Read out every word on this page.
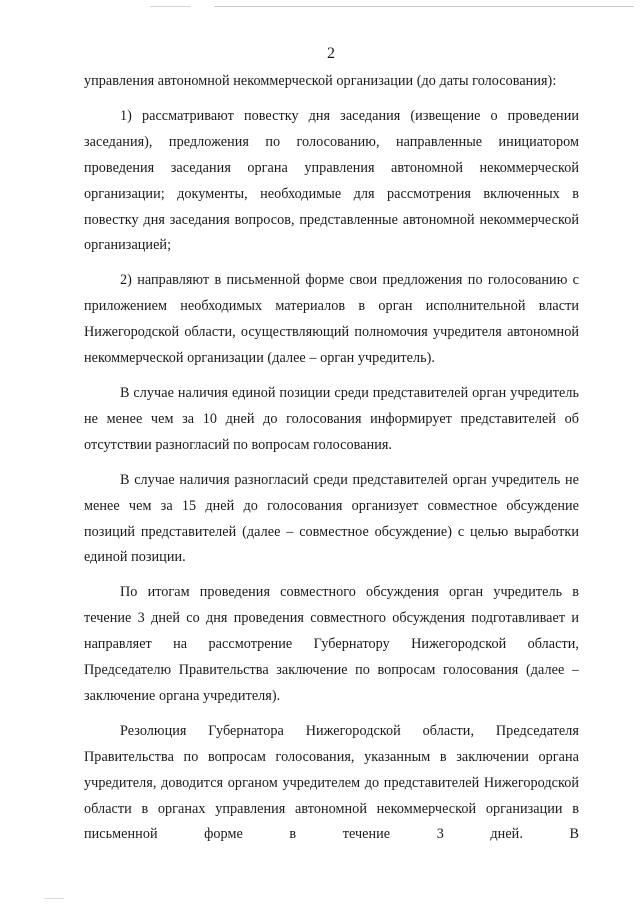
2

управления автономной некоммерческой организации (до даты голосования):

1) рассматривают повестку дня заседания (извещение о проведении заседания), предложения по голосованию, направленные инициатором проведения заседания органа управления автономной некоммерческой организации; документы, необходимые для рассмотрения включенных в повестку дня заседания вопросов, представленные автономной некоммерческой организацией;

2) направляют в письменной форме свои предложения по голосованию с приложением необходимых материалов в орган исполнительной власти Нижегородской области, осуществляющий полномочия учредителя автономной некоммерческой организации (далее – орган учредитель).

В случае наличия единой позиции среди представителей орган учредитель не менее чем за 10 дней до голосования информирует представителей об отсутствии разногласий по вопросам голосования.

В случае наличия разногласий среди представителей орган учредитель не менее чем за 15 дней до голосования организует совместное обсуждение позиций представителей (далее – совместное обсуждение) с целью выработки единой позиции.

По итогам проведения совместного обсуждения орган учредитель в течение 3 дней со дня проведения совместного обсуждения подготавливает и направляет на рассмотрение Губернатору Нижегородской области, Председателю Правительства заключение по вопросам голосования (далее – заключение органа учредителя).

Резолюция Губернатора Нижегородской области, Председателя Правительства по вопросам голосования, указанным в заключении органа учредителя, доводится органом учредителем до представителей Нижегородской области в органах управления автономной некоммерческой организации в письменной форме в течение 3 дней. В
